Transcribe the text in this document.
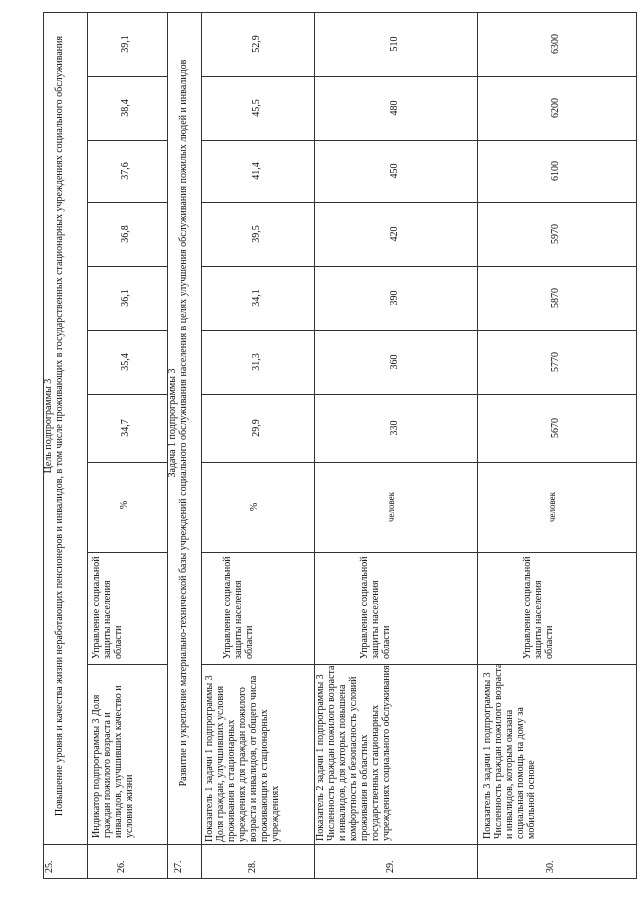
25.
Цель подпрограммы 3 Повышение уровня и качества жизни неработающих пенсионеров и инвалидов, в том числе проживающих в государственных стационарных учреждениях социального обслуживания
26.
Индикатор подпрограммы 3 Доля граждан пожилого возраста и инвалидов, улучшивших качество и условия жизни
Управление социальной защиты населения области
%
27.
Задача 1 подпрограммы 3 Развитие и укрепление материально-технической базы учреждений социального обслуживания населения в целях улучшения обслуживания пожилых людей и инвалидов
28.
Показатель 1 задачи 1 подпрограммы 3 Доля граждан, улучшивших условия проживания в стационарных учреждениях для граждан пожилого возраста и инвалидов, от общего числа проживающих в стационарных учреждениях
Управление социальной защиты населения области
%
29.
Показатель 2 задачи 1 подпрограммы 3 Численность граждан пожилого возраста и инвалидов, для которых повышена комфортность и безопасность условий проживания в областных государственных стационарных учреждениях социального обслуживания
Управление социальной защиты населения области
человек
30.
Показатель 3 задачи 1 подпрограммы 3 Численность граждан пожилого возраста и инвалидов, которым оказана социальная помощь на дому за мобильной основе
Управление социальной защиты населения области
человек
34,7
35,4
36,1
36,8
37,6
38,4
39,1
29,9
31,3
34,1
39,5
41,4
45,5
52,9
330
360
390
420
450
480
510
5670
5770
5870
5970
6100
6200
6300
